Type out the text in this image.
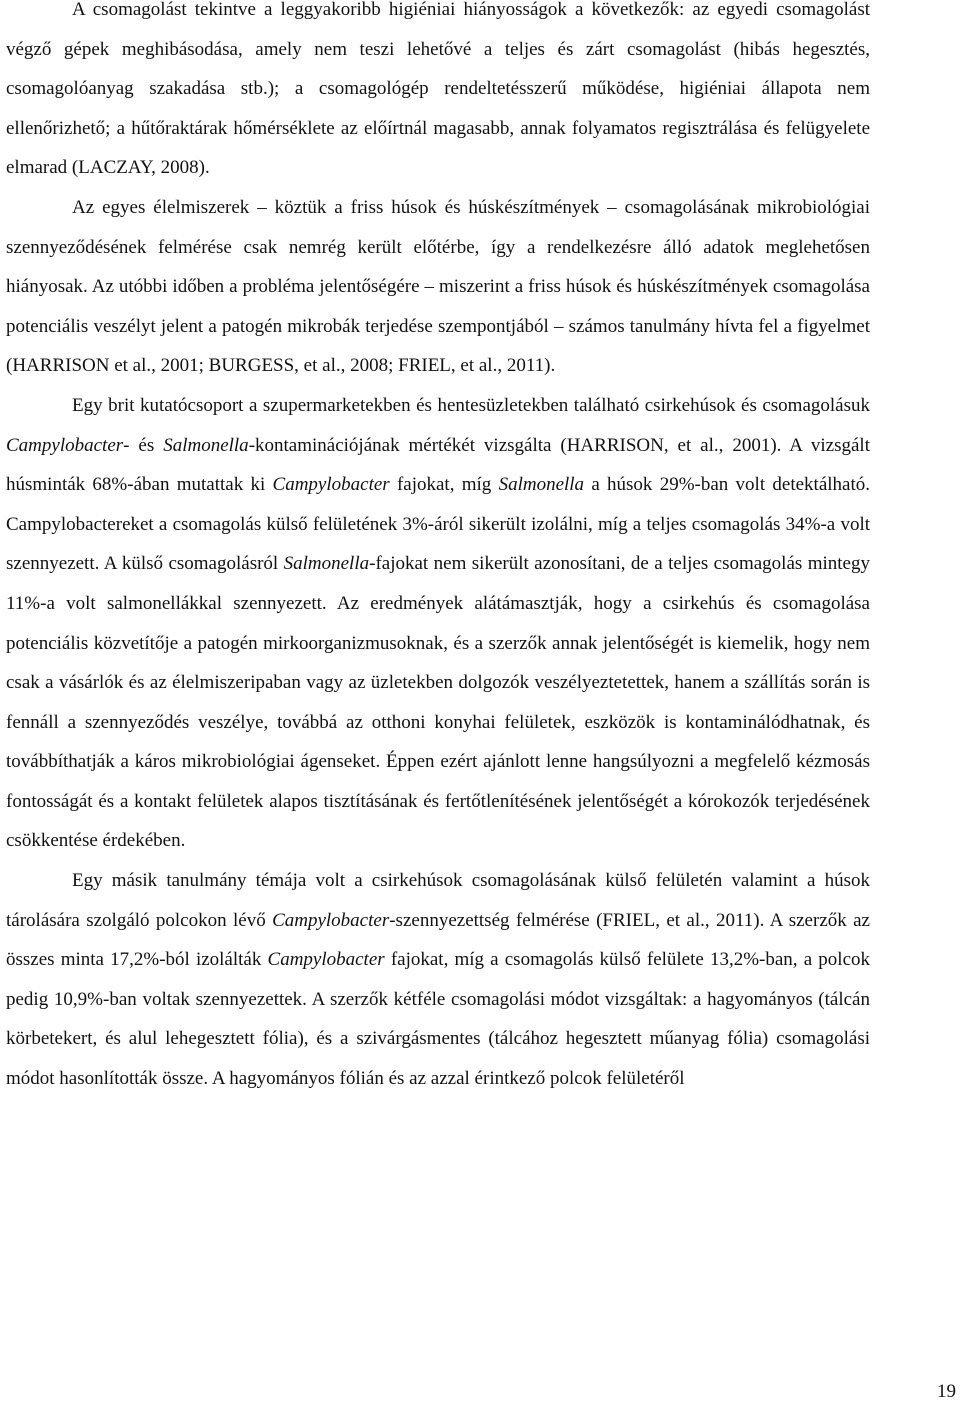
A csomagolást tekintve a leggyakoribb higiéniai hiányosságok a következők: az egyedi csomagolást végző gépek meghibásodása, amely nem teszi lehetővé a teljes és zárt csomagolást (hibás hegesztés, csomagolóanyag szakadása stb.); a csomagológép rendeltetésszerű működése, higiéniai állapota nem ellenőrizhető; a hűtőraktárak hőmérséklete az előírtnál magasabb, annak folyamatos regisztrálása és felügyelete elmarad (LACZAY, 2008).

Az egyes élelmiszerek – köztük a friss húsok és húskészítmények – csomagolásának mikrobiológiai szennyeződésének felmérése csak nemrég került előtérbe, így a rendelkezésre álló adatok meglehetősen hiányosak. Az utóbbi időben a probléma jelentőségére – miszerint a friss húsok és húskészítmények csomagolása potenciális veszélyt jelent a patogén mikrobák terjedése szempontjából – számos tanulmány hívta fel a figyelmet (HARRISON et al., 2001; BURGESS, et al., 2008; FRIEL, et al., 2011).

Egy brit kutatócsoport a szupermarketekben és hentesüzletekben található csirkehúsok és csomagolásuk Campylobacter- és Salmonella-kontaminációjának mértékét vizsgálta (HARRISON, et al., 2001). A vizsgált húsminták 68%-ában mutattak ki Campylobacter fajokat, míg Salmonella a húsok 29%-ban volt detektálható. Campylobactereket a csomagolás külső felületének 3%-áról sikerült izolálni, míg a teljes csomagolás 34%-a volt szennyezett. A külső csomagolásról Salmonella-fajokat nem sikerült azonosítani, de a teljes csomagolás mintegy 11%-a volt salmonellákkal szennyezett. Az eredmények alátámasztják, hogy a csirkehús és csomagolása potenciális közvetítője a patogén mirkoorganizmusoknak, és a szerzők annak jelentőségét is kiemelik, hogy nem csak a vásárlók és az élelmiszeripaban vagy az üzletekben dolgozók veszélyeztetettek, hanem a szállítás során is fennáll a szennyeződés veszélye, továbbá az otthoni konyhai felületek, eszközök is kontaminálódhatnak, és továbbíthatják a káros mikrobiológiai ágenseket. Éppen ezért ajánlott lenne hangsúlyozni a megfelelő kézmosás fontosságát és a kontakt felületek alapos tisztításának és fertőtlenítésének jelentőségét a kórokozók terjedésének csökkentése érdekében.

Egy másik tanulmány témája volt a csirkehúsok csomagolásának külső felületén valamint a húsok tárolására szolgáló polcokon lévő Campylobacter-szennyezettség felmérése (FRIEL, et al., 2011). A szerzők az összes minta 17,2%-ból izolálták Campylobacter fajokat, míg a csomagolás külső felülete 13,2%-ban, a polcok pedig 10,9%-ban voltak szennyezettek. A szerzők kétféle csomagolási módot vizsgáltak: a hagyományos (tálcán körbetekert, és alul lehegesztett fólia), és a szivárgásmentes (tálcához hegesztett műanyag fólia) csomagolási módot hasonlították össze. A hagyományos fólián és az azzal érintkező polcok felületéről

19
